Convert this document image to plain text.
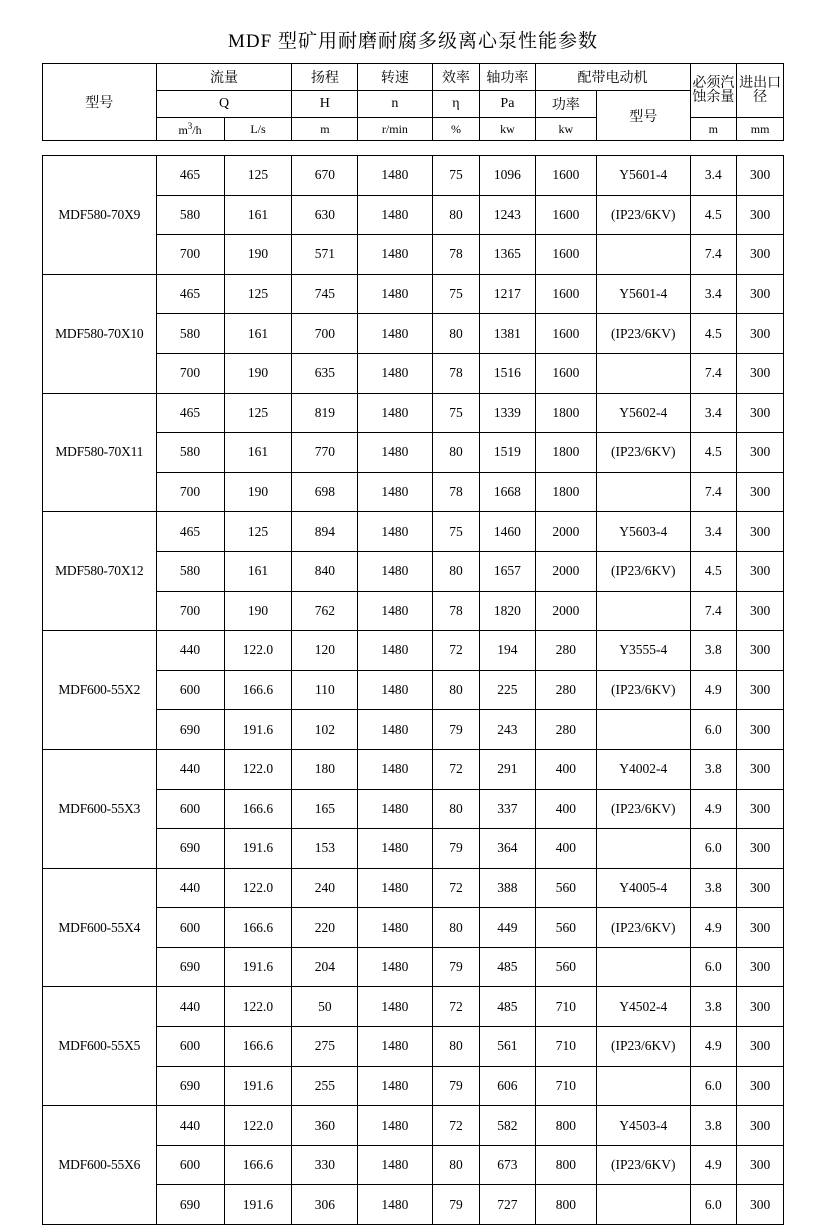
MDF 型矿用耐磨耐腐多级离心泵性能参数
型号	流量		扬程	转速	效率	轴功率	配带电动机		必须汽蚀余量	进出口径
	Q		H	n	η	Pa	功率	型号		
	$m^3/h$	L/s	m	r/min	%	kw	kw		m	mm
MDF580-70X9	465	125	670	1480	75	1096	1600	Y5601-4	3.4	300
	580	161	630	1480	80	1243	1600	(IP23/6KV)	4.5	300
	700	190	571	1480	78	1365	1600		7.4	300
MDF580-70X10	465	125	745	1480	75	1217	1600	Y5601-4	3.4	300
	580	161	700	1480	80	1381	1600	(IP23/6KV)	4.5	300
	700	190	635	1480	78	1516	1600		7.4	300
MDF580-70X11	465	125	819	1480	75	1339	1800	Y5602-4	3.4	300
	580	161	770	1480	80	1519	1800	(IP23/6KV)	4.5	300
	700	190	698	1480	78	1668	1800		7.4	300
MDF580-70X12	465	125	894	1480	75	1460	2000	Y5603-4	3.4	300
	580	161	840	1480	80	1657	2000	(IP23/6KV)	4.5	300
	700	190	762	1480	78	1820	2000		7.4	300
MDF600-55X2	440	122.0	120	1480	72	194	280	Y3555-4	3.8	300
	600	166.6	110	1480	80	225	280	(IP23/6KV)	4.9	300
	690	191.6	102	1480	79	243	280		6.0	300
MDF600-55X3	440	122.0	180	1480	72	291	400	Y4002-4	3.8	300
	600	166.6	165	1480	80	337	400	(IP23/6KV)	4.9	300
	690	191.6	153	1480	79	364	400		6.0	300
MDF600-55X4	440	122.0	240	1480	72	388	560	Y4005-4	3.8	300
	600	166.6	220	1480	80	449	560	(IP23/6KV)	4.9	300
	690	191.6	204	1480	79	485	560		6.0	300
MDF600-55X5	440	122.0	50	1480	72	485	710	Y4502-4	3.8	300
	600	166.6	275	1480	80	561	710	(IP23/6KV)	4.9	300
	690	191.6	255	1480	79	606	710		6.0	300
MDF600-55X6	440	122.0	360	1480	72	582	800	Y4503-4	3.8	300
	600	166.6	330	1480	80	673	800	(IP23/6KV)	4.9	300
	690	191.6	306	1480	79	727	800		6.0	300
